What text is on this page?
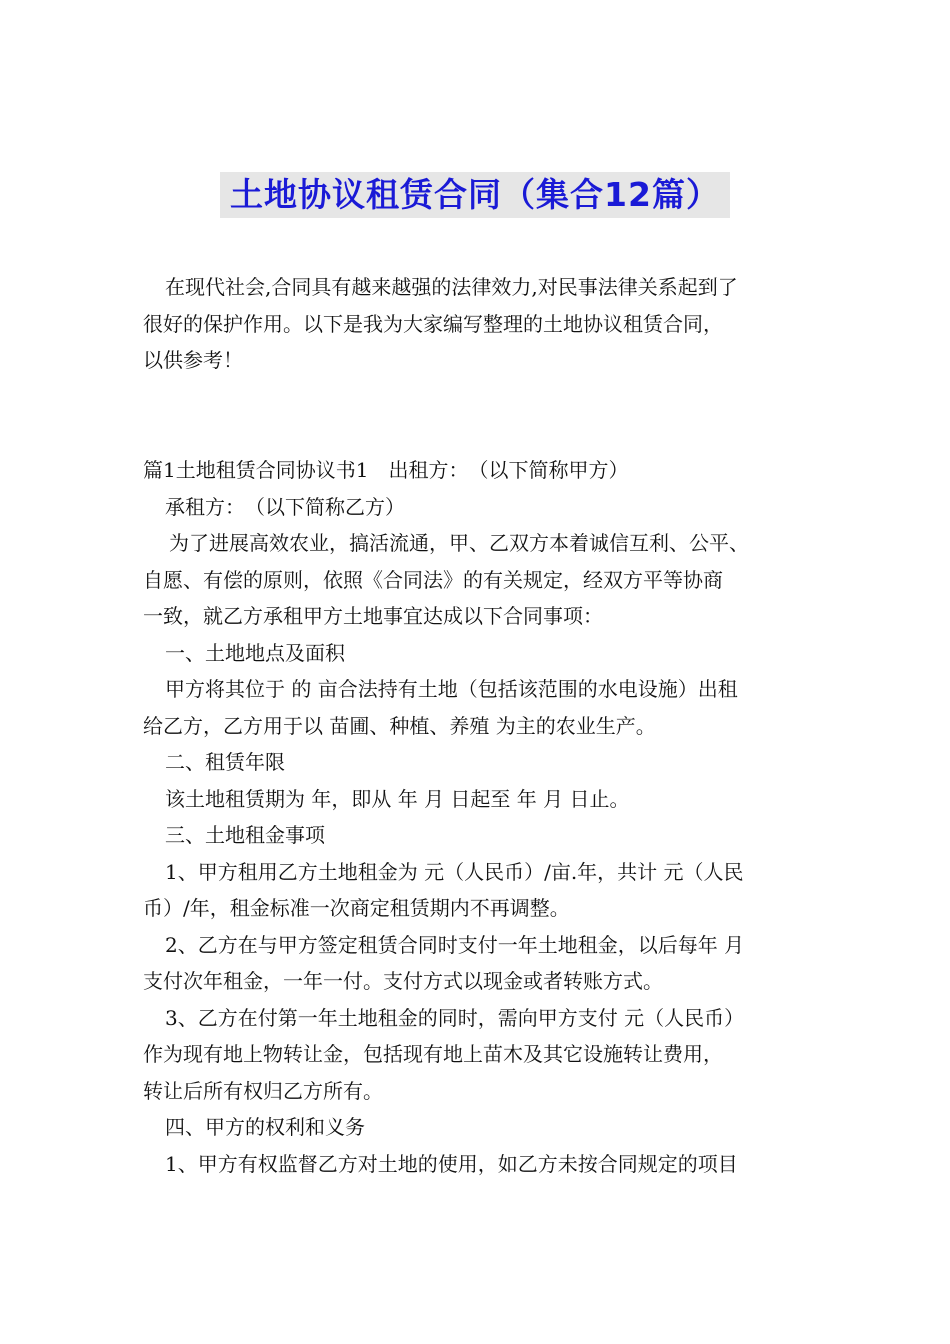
土地协议租赁合同（集合12篇）

在现代社会,合同具有越来越强的法律效力,对民事法律关系起到了
很好的保护作用。以下是我为大家编写整理的土地协议租赁合同，
以供参考！

篇1土地租赁合同协议书1　出租方：　（以下简称甲方）
承租方：　（以下简称乙方）
为了进展高效农业，搞活流通，甲、乙双方本着诚信互利、公平、
自愿、有偿的原则，依照《合同法》的有关规定，经双方平等协商
一致，就乙方承租甲方土地事宜达成以下合同事项：
一、土地地点及面积
甲方将其位于 的 亩合法持有土地（包括该范围的水电设施）出租
给乙方，乙方用于以 苗圃、种植、养殖 为主的农业生产。
二、租赁年限
该土地租赁期为 年，即从 年 月 日起至 年 月 日止。
三、土地租金事项
1、甲方租用乙方土地租金为 元（人民币）/亩.年，共计 元（人民
币）/年，租金标准一次商定租赁期内不再调整。
2、乙方在与甲方签定租赁合同时支付一年土地租金，以后每年 月
支付次年租金，一年一付。支付方式以现金或者转账方式。
3、乙方在付第一年土地租金的同时，需向甲方支付 元（人民币）
作为现有地上物转让金，包括现有地上苗木及其它设施转让费用，
转让后所有权归乙方所有。
四、甲方的权利和义务
1、甲方有权监督乙方对土地的使用，如乙方未按合同规定的项目
